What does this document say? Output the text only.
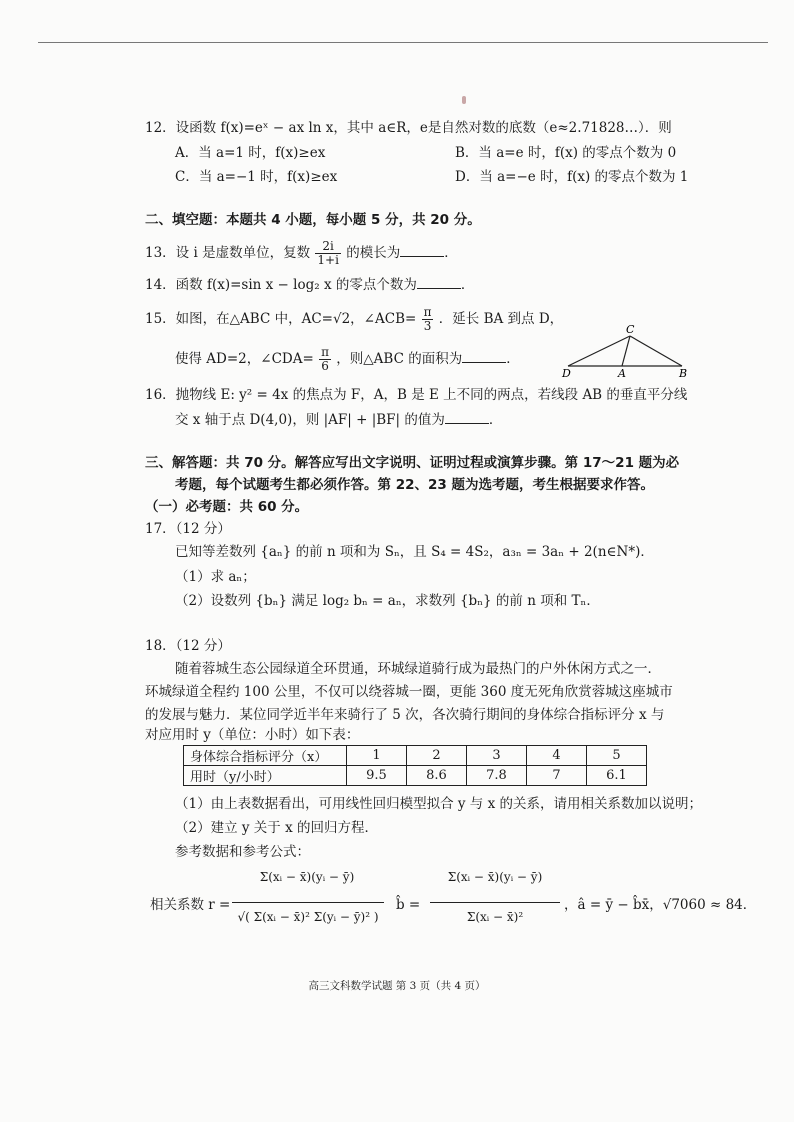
12．设函数 f(x)=eˣ − ax ln x，其中 a∈R，e是自然对数的底数（e≈2.71828…）．则
A．当 a=1 时，f(x)≥ex	B．当 a=e 时，f(x) 的零点个数为 0
C．当 a=−1 时，f(x)≥ex	D．当 a=−e 时，f(x) 的零点个数为 1
二、填空题：本题共 4 小题，每小题 5 分，共 20 分。
13．设 i 是虚数单位，复数 $\frac{2i}{1+i}$ 的模长为	．
14．函数 f(x)=sin x − log₂ x 的零点个数为	．
15．如图，在△ABC 中，AC=√2，∠ACB= $\frac{\pi}{3}$ ．延长 BA 到点 D，
使得 AD=2，∠CDA= $\frac{\pi}{6}$ ，则△ABC 的面积为	．
C
D	A	B
16．抛物线 E: y² = 4x 的焦点为 F，A，B 是 E 上不同的两点，若线段 AB 的垂直平分线
交 x 轴于点 D(4,0)，则 |AF| + |BF| 的值为	．
三、解答题：共 70 分。解答应写出文字说明、证明过程或演算步骤。第 17～21 题为必
考题，每个试题考生都必须作答。第 22、23 题为选考题，考生根据要求作答。
（一）必考题：共 60 分。
17．（12 分）
已知等差数列 {aₙ} 的前 n 项和为 Sₙ，且 S₄ = 4S₂，a₃ₙ = 3aₙ + 2(n∈N*)．
（1）求 aₙ；
（2）设数列 {bₙ} 满足 log₂ bₙ = aₙ，求数列 {bₙ} 的前 n 项和 Tₙ．
18．（12 分）
随着蓉城生态公园绿道全环贯通，环城绿道骑行成为最热门的户外休闲方式之一．
环城绿道全程约 100 公里，不仅可以绕蓉城一圈，更能 360 度无死角欣赏蓉城这座城市
的发展与魅力．某位同学近半年来骑行了 5 次，各次骑行期间的身体综合指标评分 x 与
对应用时 y（单位：小时）如下表：
身体综合指标评分（x）	1	2	3	4	5
用时（y/小时）	9.5	8.6	7.8	7	6.1
（1）由上表数据看出，可用线性回归模型拟合 y 与 x 的关系，请用相关系数加以说明；
（2）建立 y 关于 x 的回归方程．
参考数据和参考公式：
相关系数 r =
Σ(xᵢ − x̄)(yᵢ − ȳ)
√( Σ(xᵢ − x̄)² Σ(yᵢ − ȳ)² )
b̂ =
Σ(xᵢ − x̄)(yᵢ − ȳ)
Σ(xᵢ − x̄)²
，â = ȳ − b̂x̄，√7060 ≈ 84．
高三文科数学试题 第 3 页（共 4 页）
